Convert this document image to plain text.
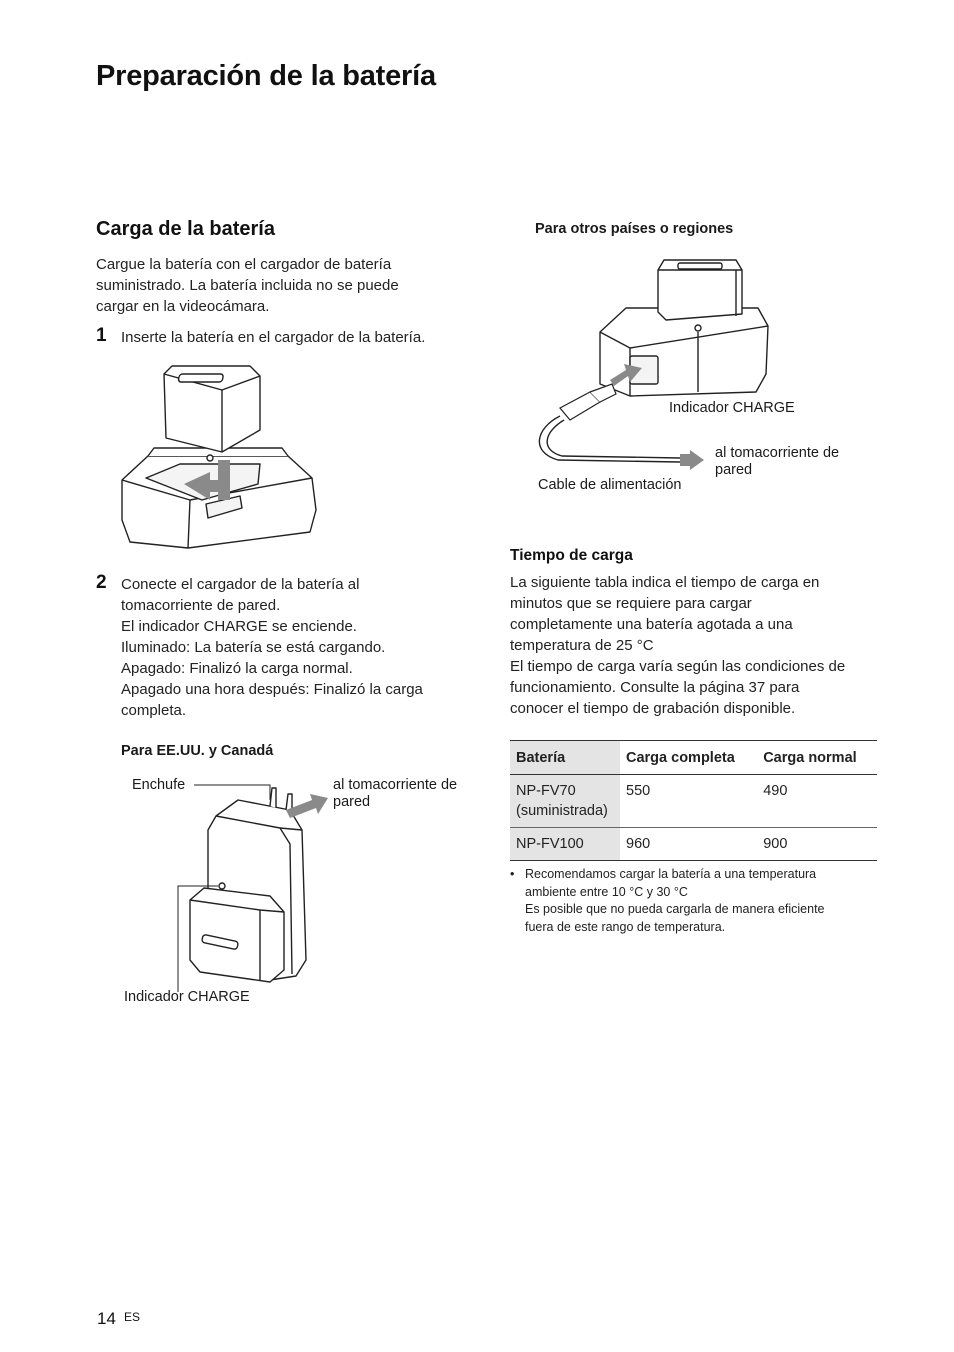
Preparación de la batería
Carga de la batería
Cargue la batería con el cargador de batería
suministrado. La batería incluida no se puede
cargar en la videocámara.
1 Inserte la batería en el cargador de la batería.
2 Conecte el cargador de la batería al
tomacorriente de pared.
El indicador CHARGE se enciende.
Iluminado: La batería se está cargando.
Apagado: Finalizó la carga normal.
Apagado una hora después: Finalizó la carga
completa.
Para EE.UU. y Canadá
Enchufe	al tomacorriente de
pared
Indicador CHARGE
Para otros países o regiones
Indicador CHARGE
al tomacorriente de
pared
Cable de alimentación
Tiempo de carga
La siguiente tabla indica el tiempo de carga en
minutos que se requiere para cargar
completamente una batería agotada a una
temperatura de 25 °C
El tiempo de carga varía según las condiciones de
funcionamiento. Consulte la página 37 para
conocer el tiempo de grabación disponible.
Batería	Carga completa	Carga normal

NP-FV70
(suministrada)	550	490
NP-FV100	960	900
• Recomendamos cargar la batería a una temperatura
ambiente entre 10 °C y 30 °C
Es posible que no pueda cargarla de manera eficiente
fuera de este rango de temperatura.
14 ES
